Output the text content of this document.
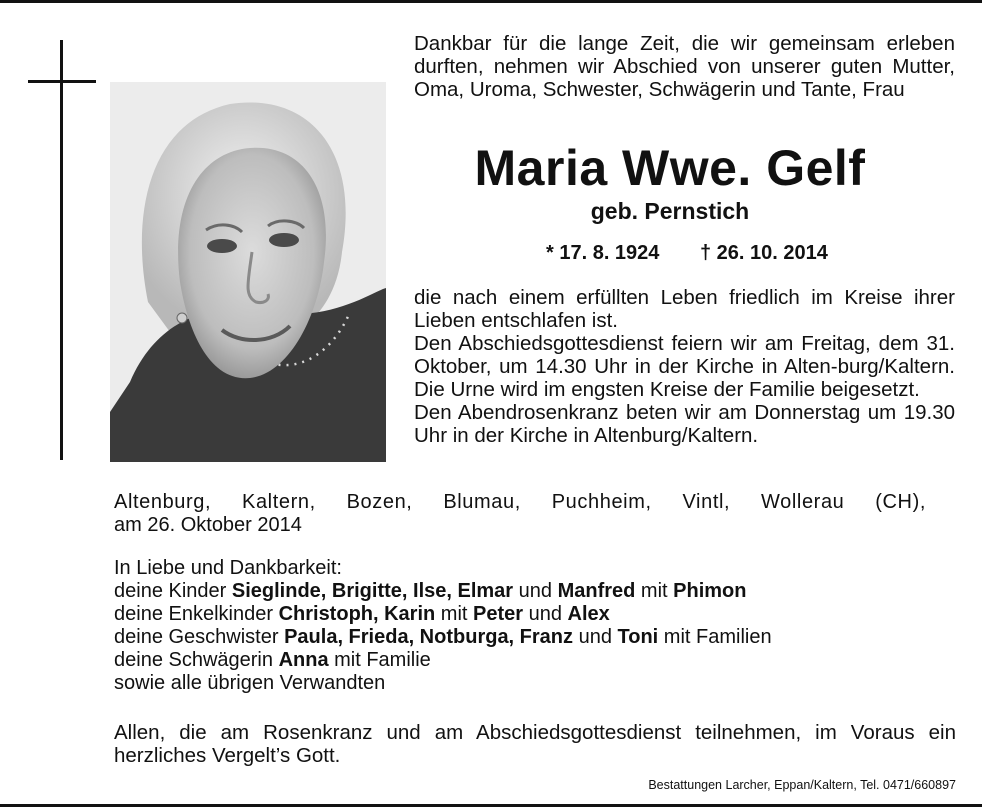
Dankbar für die lange Zeit, die wir gemeinsam erleben durften, nehmen wir Abschied von unserer guten Mutter, Oma, Uroma, Schwester, Schwägerin und Tante, Frau

Maria Wwe. Gelf
geb. Pernstich
* 17. 8. 1924 † 26. 10. 2014

die nach einem erfüllten Leben friedlich im Kreise ihrer Lieben entschlafen ist.

Den Abschiedsgottesdienst feiern wir am Freitag, dem 31. Oktober, um 14.30 Uhr in der Kirche in Alten-burg/Kaltern. Die Urne wird im engsten Kreise der Familie beigesetzt.

Den Abendrosenkranz beten wir am Donnerstag um 19.30 Uhr in der Kirche in Altenburg/Kaltern.

Altenburg, Kaltern, Bozen, Blumau, Puchheim, Vintl, Wollerau (CH),
am 26. Oktober 2014
In Liebe und Dankbarkeit:
deine Kinder Sieglinde, Brigitte, Ilse, Elmar und Manfred mit Phimon
deine Enkelkinder Christoph, Karin mit Peter und Alex
deine Geschwister Paula, Frieda, Notburga, Franz und Toni mit Familien
deine Schwägerin Anna mit Familie
sowie alle übrigen Verwandten
Allen, die am Rosenkranz und am Abschiedsgottesdienst teilnehmen, im Voraus ein
herzliches Vergelt’s Gott.
Bestattungen Larcher, Eppan/Kaltern, Tel. 0471/660897
